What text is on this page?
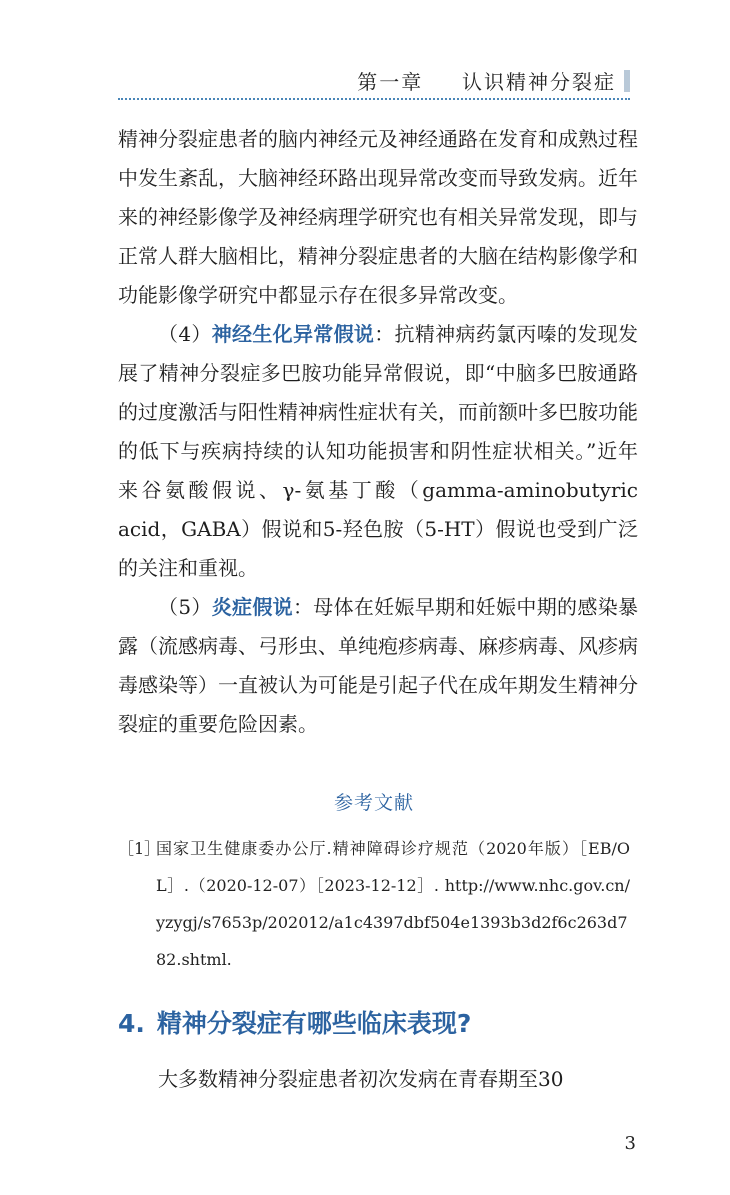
第一章 认识精神分裂症

精神分裂症患者的脑内神经元及神经通路在发育和成熟过程中发生紊乱，大脑神经环路出现异常改变而导致发病。近年来的神经影像学及神经病理学研究也有相关异常发现，即与正常人群大脑相比，精神分裂症患者的大脑在结构影像学和功能影像学研究中都显示存在很多异常改变。

（4）神经生化异常假说：抗精神病药氯丙嗪的发现发展了精神分裂症多巴胺功能异常假说，即“中脑多巴胺通路的过度激活与阳性精神病性症状有关，而前额叶多巴胺功能的低下与疾病持续的认知功能损害和阴性症状相关。”近年来谷氨酸假说、γ-氨基丁酸（gamma-aminobutyric acid，GABA）假说和5-羟色胺（5-HT）假说也受到广泛的关注和重视。

（5）炎症假说：母体在妊娠早期和妊娠中期的感染暴露（流感病毒、弓形虫、单纯疱疹病毒、麻疹病毒、风疹病毒感染等）一直被认为可能是引起子代在成年期发生精神分裂症的重要危险因素。

参考文献
［1］
国家卫生健康委办公厅.精神障碍诊疗规范（2020年版）［EB/OL］.（2020-12-07）［2023-12-12］. http://www.nhc.gov.cn/yzygj/s7653p/202012/a1c4397dbf504e1393b3d2f6c263d782.shtml.
4. 精神分裂症有哪些临床表现?
大多数精神分裂症患者初次发病在青春期至30
3
